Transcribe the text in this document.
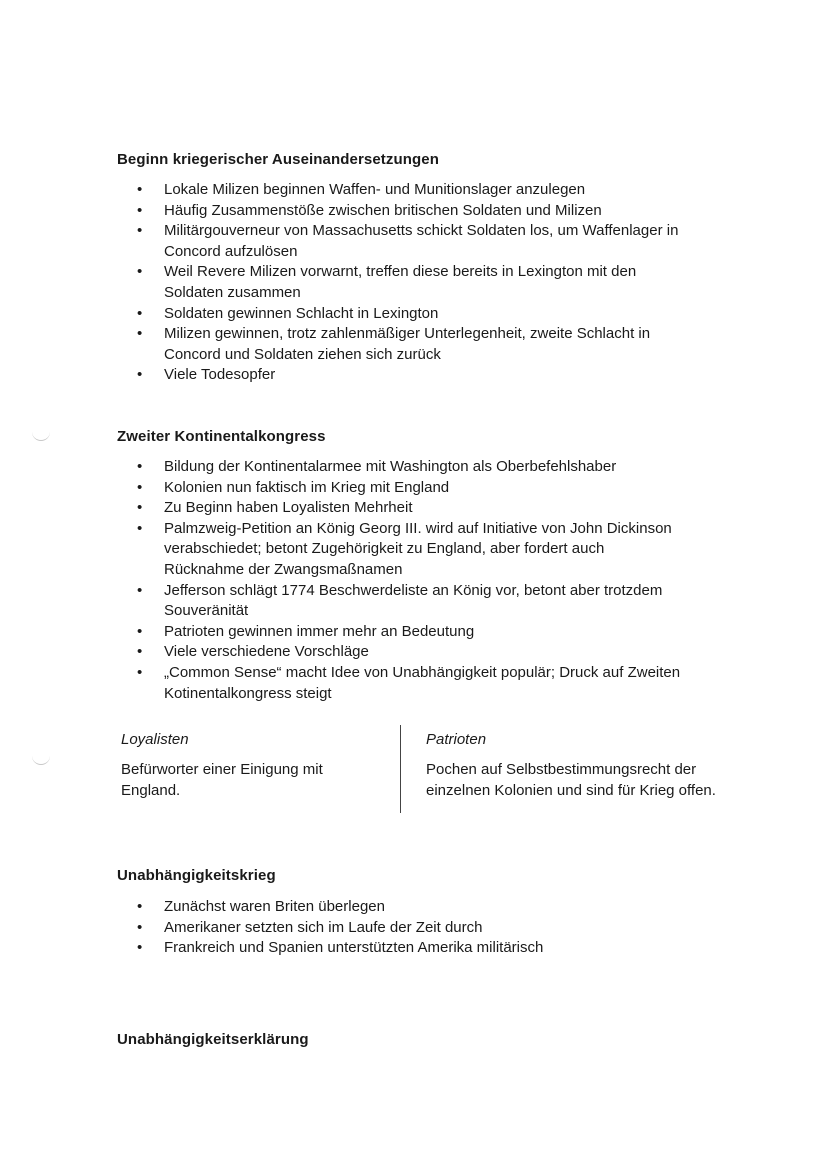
Beginn kriegerischer Auseinandersetzungen
• Lokale Milizen beginnen Waffen- und Munitionslager anzulegen
• Häufig Zusammenstöße zwischen britischen Soldaten und Milizen
• Militärgouverneur von Massachusetts schickt Soldaten los, um Waffenlager in
Concord aufzulösen
• Weil Revere Milizen vorwarnt, treffen diese bereits in Lexington mit den
Soldaten zusammen
• Soldaten gewinnen Schlacht in Lexington
• Milizen gewinnen, trotz zahlenmäßiger Unterlegenheit, zweite Schlacht in
Concord und Soldaten ziehen sich zurück
• Viele Todesopfer
Zweiter Kontinentalkongress
• Bildung der Kontinentalarmee mit Washington als Oberbefehlshaber
• Kolonien nun faktisch im Krieg mit England
• Zu Beginn haben Loyalisten Mehrheit
• Palmzweig-Petition an König Georg III. wird auf Initiative von John Dickinson
verabschiedet; betont Zugehörigkeit zu England, aber fordert auch
Rücknahme der Zwangsmaßnamen
• Jefferson schlägt 1774 Beschwerdeliste an König vor, betont aber trotzdem
Souveränität
• Patrioten gewinnen immer mehr an Bedeutung
• Viele verschiedene Vorschläge
• „Common Sense“ macht Idee von Unabhängigkeit populär; Druck auf Zweiten
Kotinentalkongress steigt
Loyalisten
Befürworter einer Einigung mit
England.
Patrioten
Pochen auf Selbstbestimmungsrecht der
einzelnen Kolonien und sind für Krieg offen.
Unabhängigkeitskrieg
• Zunächst waren Briten überlegen
• Amerikaner setzten sich im Laufe der Zeit durch
• Frankreich und Spanien unterstützten Amerika militärisch
Unabhängigkeitserklärung
